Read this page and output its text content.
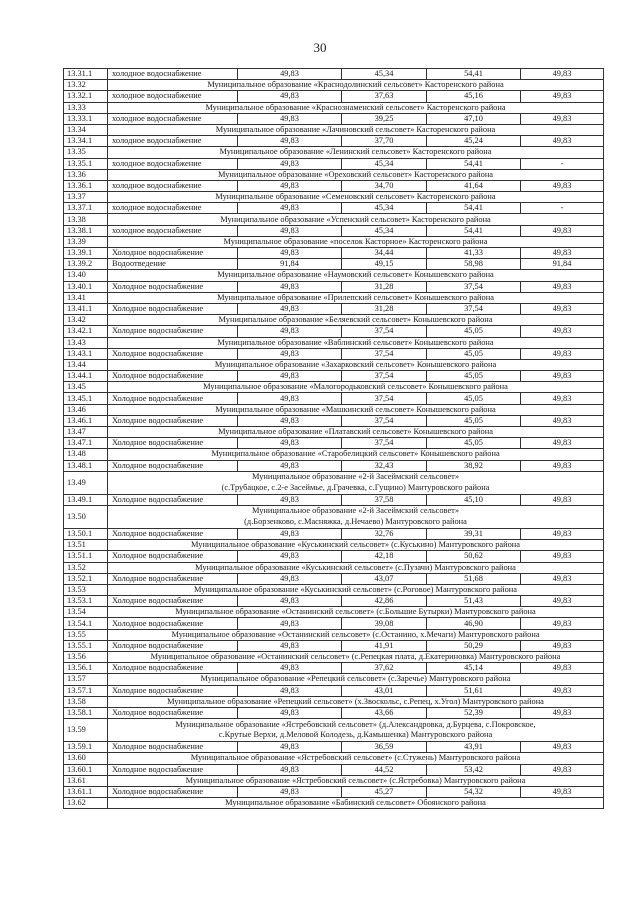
30
13.31.1	холодное водоснабжение	49,83	45,34	54,41	49,83
13.32	Муниципальное образование «Краснодолинский сельсовет» Касторенского района				
13.32.1	холодное водоснабжение	49,83	37,63	45,16	49,83
13.33	Муниципальное образование «Краснознаменский сельсовет» Касторенского района				
13.33.1	холодное водоснабжение	49,83	39,25	47,10	49,83
13.34	Муниципальное образование «Лачиновский сельсовет» Касторенского района				
13.34.1	холодное водоснабжение	49,83	37,70	45,24	49,83
13.35	Муниципальное образование «Ленинский сельсовет» Касторенского района				
13.35.1	холодное водоснабжение	49,83	45,34	54,41	-
13.36	Муниципальное образование «Ореховский сельсовет» Касторенского района				
13.36.1	холодное водоснабжение	49,83	34,70	41,64	49,83
13.37	Муниципальное образование «Семеновский сельсовет» Касторенского района				
13.37.1	холодное водоснабжение	49,83	45,34	54,41	-
13.38	Муниципальное образование «Успенский сельсовет» Касторенского района				
13.38.1	холодное водоснабжение	49,83	45,34	54,41	49,83
13.39	Муниципальное образование «поселок Касторное» Касторенского района				
13.39.1	Холодное водоснабжение	49,83	34,44	41,33	49,83
13.39.2	Водоотведение	91,84	49,15	58,98	91,84
13.40	Муниципальное образование «Наумовский сельсовет» Конышевского района				
13.40.1	Холодное водоснабжение	49,83	31,28	37,54	49,83
13.41	Муниципальное образование «Прилепский сельсовет» Конышевского района				
13.41.1	Холодное водоснабжение	49,83	31,28	37,54	49,83
13.42	Муниципальное образование «Беляевский сельсовет» Конышевского района				
13.42.1	Холодное водоснабжение	49,83	37,54	45,05	49,83
13.43	Муниципальное образование «Ваблинский сельсовет» Конышевского района				
13.43.1	Холодное водоснабжение	49,83	37,54	45,05	49,83
13.44	Муниципальное образование «Захарковский сельсовет» Конышевского района				
13.44.1	Холодное водоснабжение	49,83	37,54	45,05	49,83
13.45	Муниципальное образование «Малогородьковский сельсовет» Конышевского района				
13.45.1	Холодное водоснабжение	49,83	37,54	45,05	49,83
13.46	Муниципальное образование «Машкинский сельсовет» Конышевского района				
13.46.1	Холодное водоснабжение	49,83	37,54	45,05	49,83
13.47	Муниципальное образование «Платавский сельсовет» Конышевского района				
13.47.1	Холодное водоснабжение	49,83	37,54	45,05	49,83
13.48	Муниципальное образование «Старобелицкий сельсовет» Конышевского района				
13.48.1	Холодное водоснабжение	49,83	32,43	38,92	49,83
13.49	Муниципальное образование «2-й Засеймский сельсовет»
(с.Трубацкое, с.2-е Засеймье, д.Грачевка, с.Гущино) Мантуровского района				
13.49.1	Холодное водоснабжение	49,83	37,58	45,10	49,83
13.50	Муниципальное образование «2-й Засеймский сельсовет»
(д.Борзенково, с.Масняжка, д.Нечаево) Мантуровского района				
13.50.1	Холодное водоснабжение	49,83	32,76	39,31	49,83
13.51	Муниципальное образование «Куськинский сельсовет» (с.Куськино) Мантуровского района				
13.51.1	Холодное водоснабжение	49,83	42,18	50,62	49,83
13.52	Муниципальное образование «Куськинский сельсовет» (с.Пузачи) Мантуровского района				
13.52.1	Холодное водоснабжение	49,83	43,07	51,68	49,83
13.53	Муниципальное образование «Куськинский сельсовет» (с.Роговое) Мантуровского района				
13.53.1	Холодное водоснабжение	49,83	42,86	51,43	49,83
13.54	Муниципальное образование «Останинский сельсовет» (с.Большие Бутырки) Мантуровского района				
13.54.1	Холодное водоснабжение	49,83	39,08	46,90	49,83
13.55	Муниципальное образование «Останинский сельсовет» (с.Останино, х.Мечаги) Мантуровского района				
13.55.1	Холодное водоснабжение	49,83	41,91	50,29	49,83
13.56	Муниципальное образование «Останинский сельсовет» (с.Репецкая плата, д.Екатериновка) Мантуровского района				
13.56.1	Холодное водоснабжение	49,83	37,62	45,14	49,83
13.57	Муниципальное образование «Репецкий сельсовет» (с.Заречье) Мантуровского района				
13.57.1	Холодное водоснабжение	49,83	43,01	51,61	49,83
13.58	Муниципальное образование «Репецкий сельсовет» (х.Звоскольс, с.Репец, х.Угол) Мантуровского района				
13.58.1	Холодное водоснабжение	49,83	43,66	52,39	49,83
13.59	Муниципальное образование «Ястребовский сельсовет» (д.Александровка, д.Бурцева, с.Покровское,
с.Крутые Верхи, д.Меловой Колодезь, д.Камышенка) Мантуровского района				
13.59.1	Холодное водоснабжение	49,83	36,59	43,91	49,83
13.60	Муниципальное образование «Ястребовский сельсовет» (с.Стужень) Мантуровского района				
13.60.1	Холодное водоснабжение	49,83	44,52	53,42	49,83
13.61	Муниципальное образование «Ястребовский сельсовет» (с.Ястребовка) Мантуровского района				
13.61.1	Холодное водоснабжение	49,83	45,27	54,32	49,83
13.62	Муниципальное образование «Бабинский сельсовет» Обоянского района				
